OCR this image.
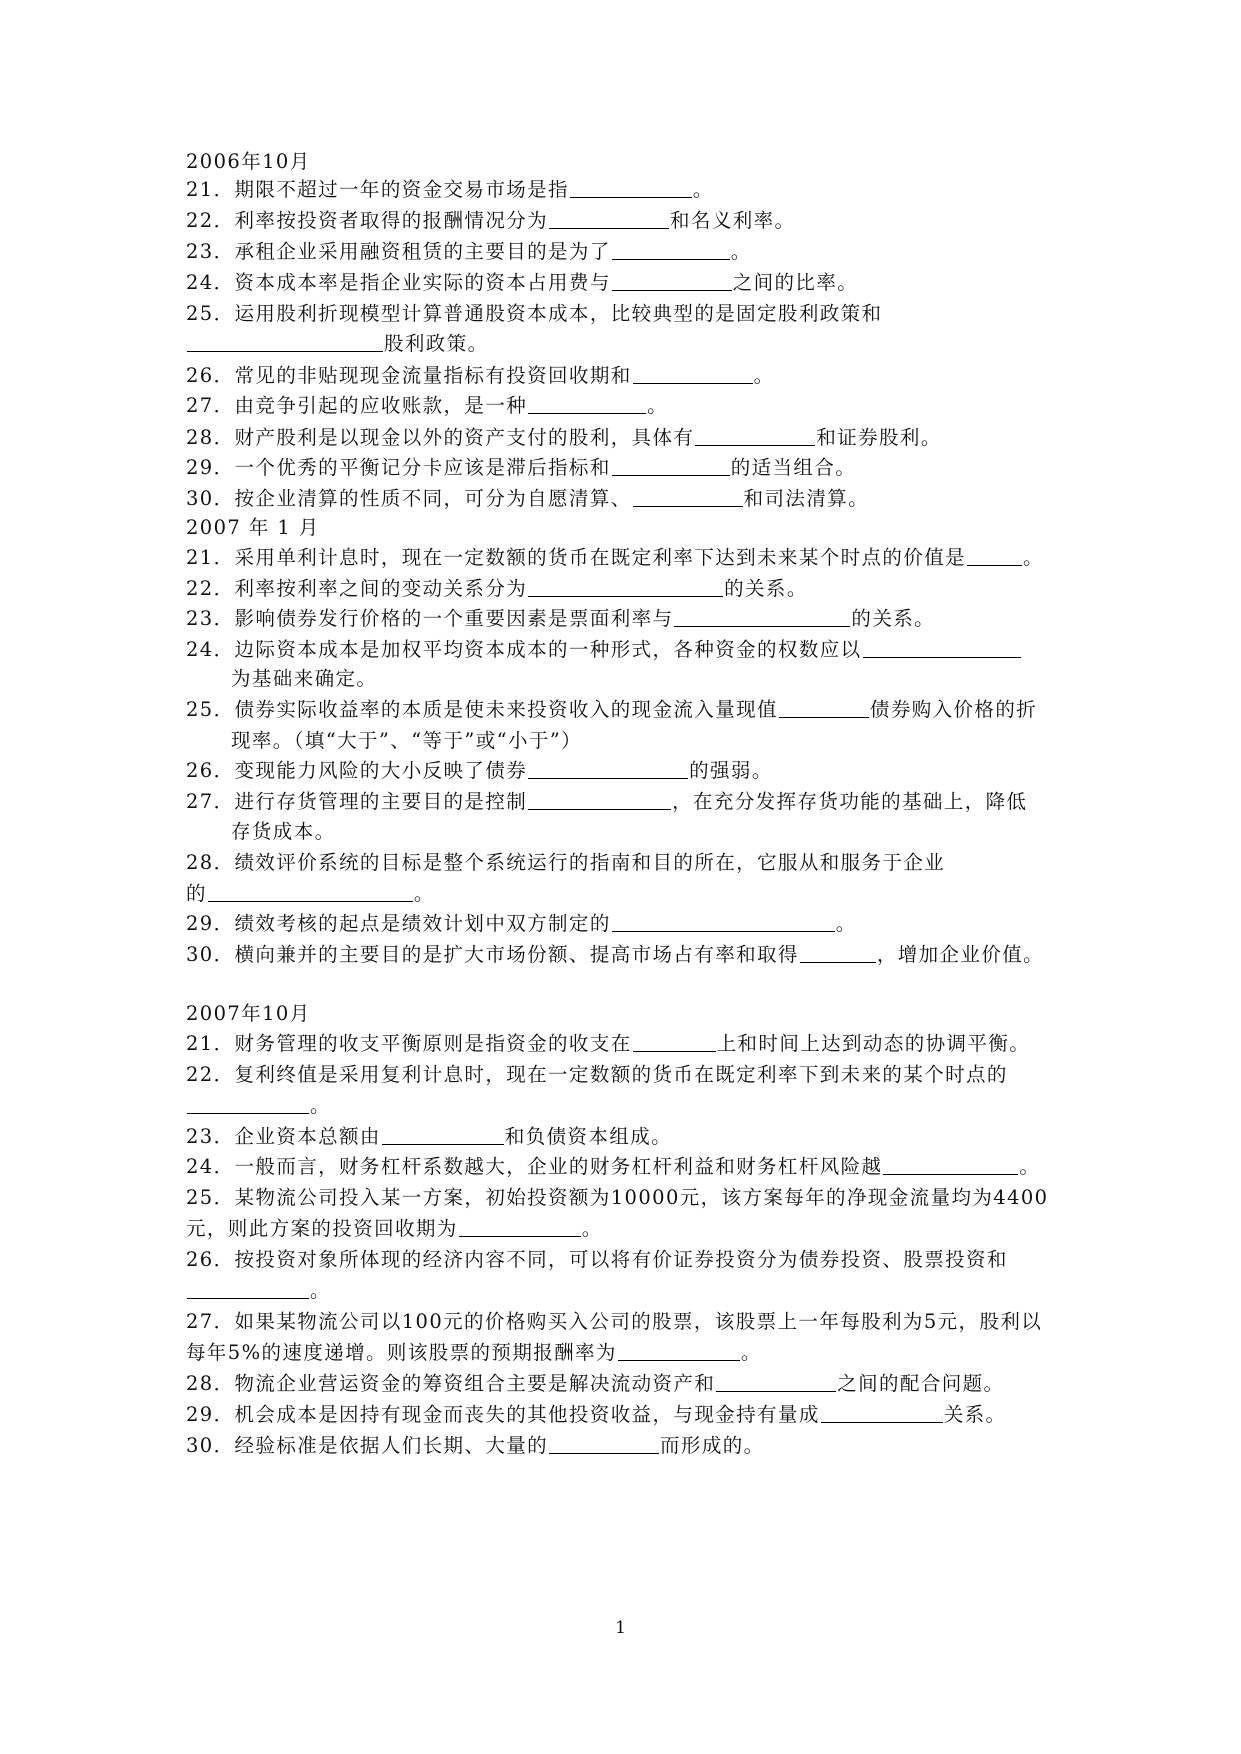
2006年10月
21．期限不超过一年的资金交易市场是指	。
22．利率按投资者取得的报酬情况分为	和名义利率。
23．承租企业采用融资租赁的主要目的是为了	。
24．资本成本率是指企业实际的资本占用费与	之间的比率。
25．运用股利折现模型计算普通股资本成本，比较典型的是固定股利政策和
股利政策。
26．常见的非贴现现金流量指标有投资回收期和	。
27．由竞争引起的应收账款，是一种	。
28．财产股利是以现金以外的资产支付的股利，具体有	和证券股利。
29．一个优秀的平衡记分卡应该是滞后指标和	的适当组合。
30．按企业清算的性质不同，可分为自愿清算、	和司法清算。
2007 年 1 月
21．采用单利计息时，现在一定数额的货币在既定利率下达到未来某个时点的价值是	。
22．利率按利率之间的变动关系分为	的关系。
23．影响债券发行价格的一个重要因素是票面利率与	的关系。
24．边际资本成本是加权平均资本成本的一种形式，各种资金的权数应以
为基础来确定。
25．债券实际收益率的本质是使未来投资收入的现金流入量现值	债券购入价格的折
现率。（填“大于”、“等于”或“小于”）
26．变现能力风险的大小反映了债券	的强弱。
27．进行存货管理的主要目的是控制	，在充分发挥存货功能的基础上，降低
存货成本。
28．绩效评价系统的目标是整个系统运行的指南和目的所在，它服从和服务于企业
的	。
29．绩效考核的起点是绩效计划中双方制定的	。
30．横向兼并的主要目的是扩大市场份额、提高市场占有率和取得	，增加企业价值。
2007年10月
21．财务管理的收支平衡原则是指资金的收支在	上和时间上达到动态的协调平衡。
22．复利终值是采用复利计息时，现在一定数额的货币在既定利率下到未来的某个时点的
。
23．企业资本总额由	和负债资本组成。
24．一般而言，财务杠杆系数越大，企业的财务杠杆利益和财务杠杆风险越	。
25．某物流公司投入某一方案，初始投资额为10000元，该方案每年的净现金流量均为4400
元，则此方案的投资回收期为	。
26．按投资对象所体现的经济内容不同，可以将有价证券投资分为债券投资、股票投资和
。
27．如果某物流公司以100元的价格购买入公司的股票，该股票上一年每股利为5元，股利以
每年5%的速度递增。则该股票的预期报酬率为	。
28．物流企业营运资金的筹资组合主要是解决流动资产和	之间的配合问题。
29．机会成本是因持有现金而丧失的其他投资收益，与现金持有量成	关系。
30．经验标准是依据人们长期、大量的	而形成的。
1
